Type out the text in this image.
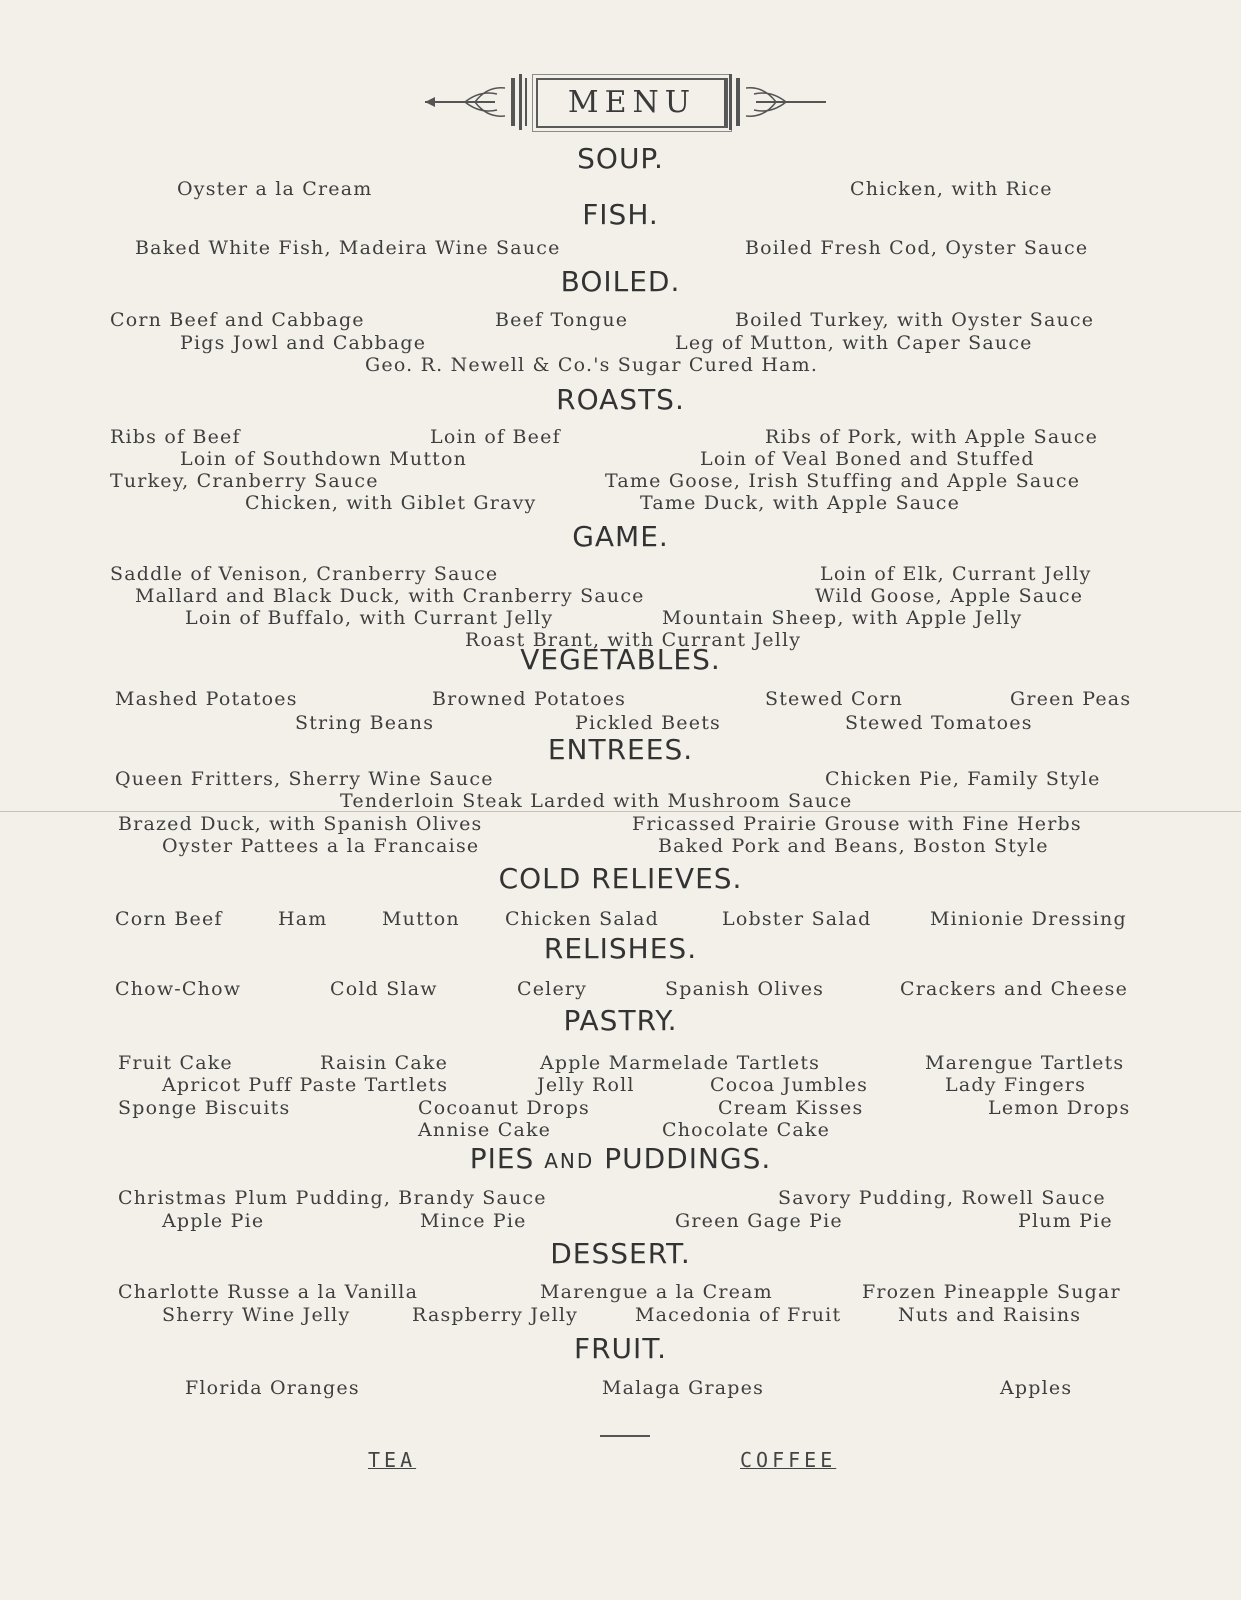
MENU
SOUP.
Oyster a la Cream	Chicken, with Rice
FISH.
Baked White Fish, Madeira Wine Sauce	Boiled Fresh Cod, Oyster Sauce
BOILED.
Corn Beef and Cabbage	Beef Tongue	Boiled Turkey, with Oyster Sauce
Pigs Jowl and Cabbage	Leg of Mutton, with Caper Sauce
Geo. R. Newell & Co.'s Sugar Cured Ham.
ROASTS.
Ribs of Beef	Loin of Beef	Ribs of Pork, with Apple Sauce
Loin of Southdown Mutton	Loin of Veal Boned and Stuffed
Turkey, Cranberry Sauce	Tame Goose, Irish Stuffing and Apple Sauce
Chicken, with Giblet Gravy	Tame Duck, with Apple Sauce
GAME.
Saddle of Venison, Cranberry Sauce	Loin of Elk, Currant Jelly
Mallard and Black Duck, with Cranberry Sauce	Wild Goose, Apple Sauce
Loin of Buffalo, with Currant Jelly	Mountain Sheep, with Apple Jelly
Roast Brant, with Currant Jelly
VEGETABLES.
Mashed Potatoes	Browned Potatoes	Stewed Corn	Green Peas
String Beans	Pickled Beets	Stewed Tomatoes
ENTREES.
Queen Fritters, Sherry Wine Sauce	Chicken Pie, Family Style
Tenderloin Steak Larded with Mushroom Sauce
Brazed Duck, with Spanish Olives	Fricassed Prairie Grouse with Fine Herbs
Oyster Pattees a la Francaise	Baked Pork and Beans, Boston Style
COLD RELIEVES.
Corn Beef	Ham	Mutton Chicken Salad	Lobster Salad	Minionie Dressing
RELISHES.
Chow-Chow	Cold Slaw	Celery	Spanish Olives	Crackers and Cheese
PASTRY.
Fruit Cake	Raisin Cake	Apple Marmelade Tartlets	Marengue Tartlets
Apricot Puff Paste Tartlets	Jelly Roll	Cocoa Jumbles	Lady Fingers
Sponge Biscuits	Cocoanut Drops	Cream Kisses	Lemon Drops
Annise Cake	Chocolate Cake
PIES AND PUDDINGS.
Christmas Plum Pudding, Brandy Sauce	Savory Pudding, Rowell Sauce
Apple Pie	Mince Pie	Green Gage Pie	Plum Pie
DESSERT.
Charlotte Russe a la Vanilla	Marengue a la Cream	Frozen Pineapple Sugar
Sherry Wine Jelly	Raspberry Jelly	Macedonia of Fruit	Nuts and Raisins
FRUIT.
Florida Oranges	Malaga Grapes	Apples
TEA	COFFEE
